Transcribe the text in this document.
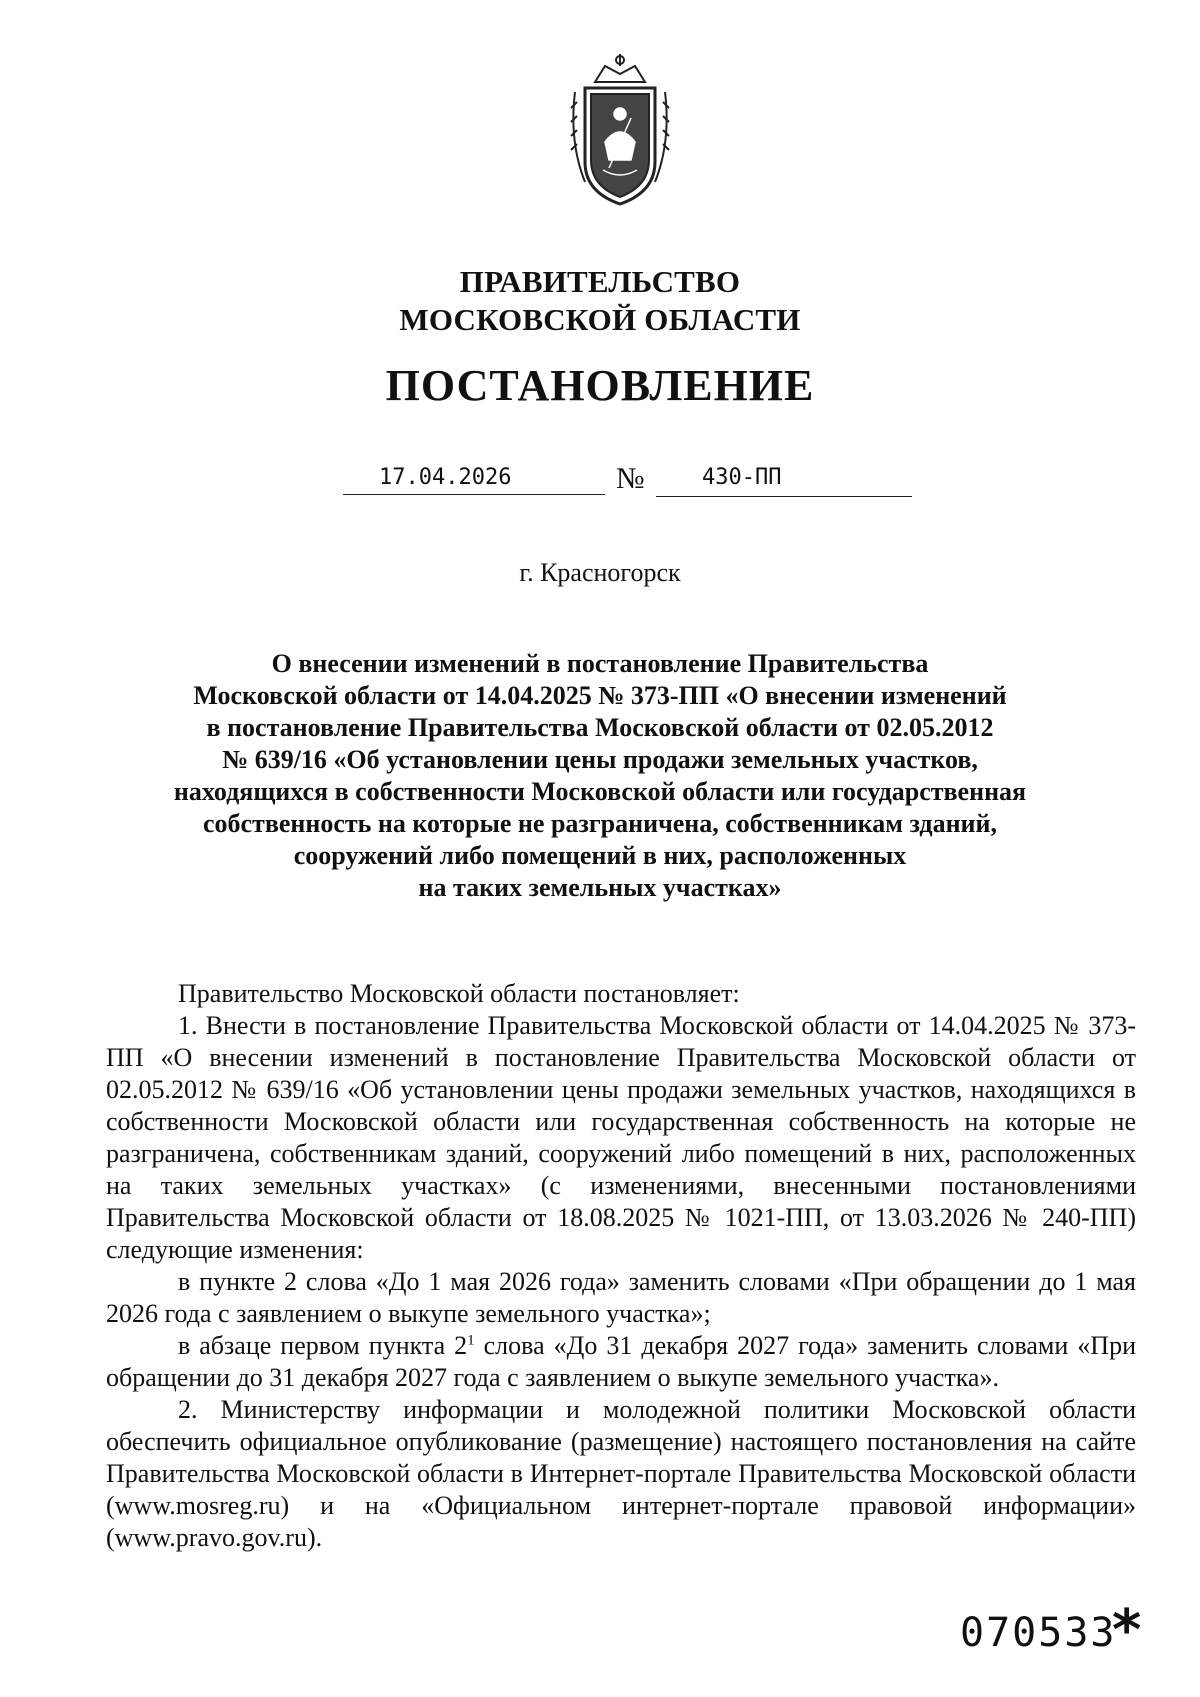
ПРАВИТЕЛЬСТВО
МОСКОВСКОЙ ОБЛАСТИ
ПОСТАНОВЛЕНИЕ
17.04.2026	№	430-ПП
г. Красногорск
О внесении изменений в постановление Правительства
Московской области от 14.04.2025 № 373-ПП «О внесении изменений
в постановление Правительства Московской области от 02.05.2012
№ 639/16 «Об установлении цены продажи земельных участков,
находящихся в собственности Московской области или государственная
собственность на которые не разграничена, собственникам зданий,
сооружений либо помещений в них, расположенных
на таких земельных участках»

Правительство Московской области постановляет:

1. Внести в постановление Правительства Московской области от 14.04.2025 № 373-ПП «О внесении изменений в постановление Правительства Московской области от 02.05.2012 № 639/16 «Об установлении цены продажи земельных участков, находящихся в собственности Московской области или государственная собственность на которые не разграничена, собственникам зданий, сооружений либо помещений в них, расположенных на таких земельных участках» (с изменениями, внесенными постановлениями Правительства Московской области от 18.08.2025 № 1021-ПП, от 13.03.2026 № 240-ПП) следующие изменения:

в пункте 2 слова «До 1 мая 2026 года» заменить словами «При обращении до 1 мая 2026 года с заявлением о выкупе земельного участка»;

в абзаце первом пункта $2^1$ слова «До 31 декабря 2027 года» заменить словами «При обращении до 31 декабря 2027 года с заявлением о выкупе земельного участка».

2. Министерству информации и молодежной политики Московской области обеспечить официальное опубликование (размещение) настоящего постановления на сайте Правительства Московской области в Интернет-портале Правительства Московской области (www.mosreg.ru) и на «Официальном интернет-портале правовой информации» (www.pravo.gov.ru).

070533
*
